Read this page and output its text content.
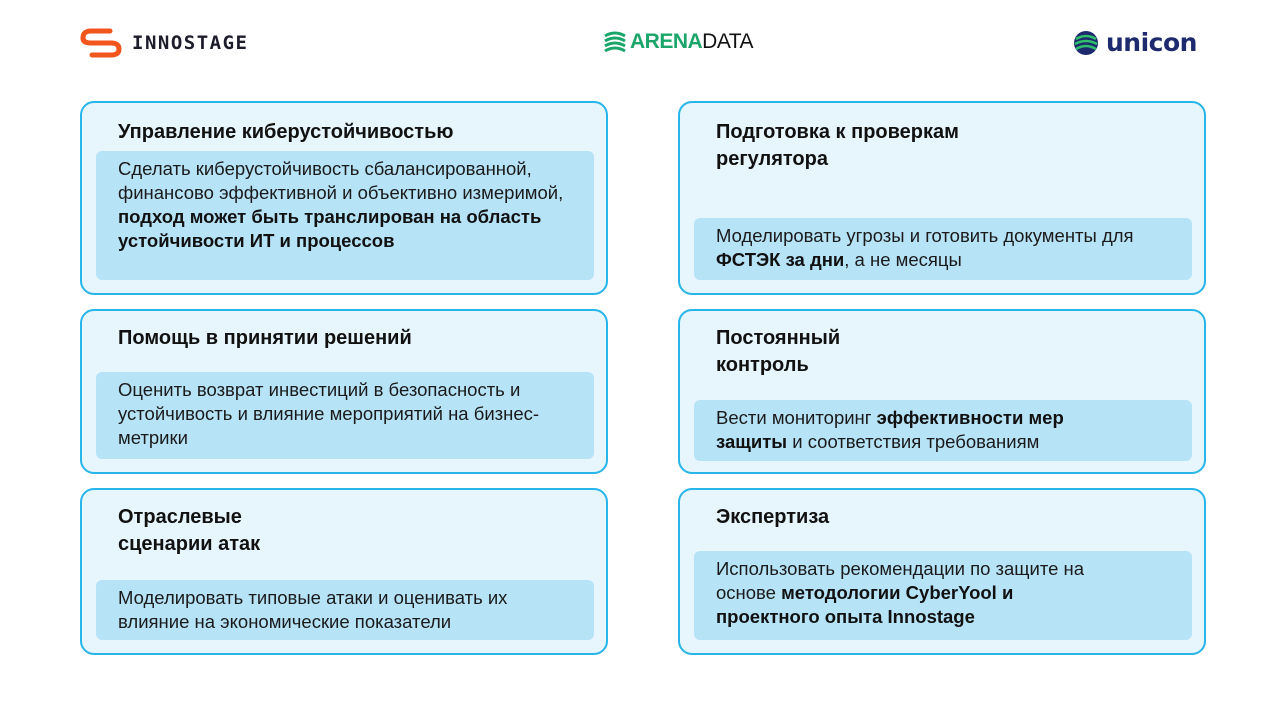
INNOSTAGE	ARENADATA	unicon
Управление киберустойчивостью
Сделать киберустойчивость сбалансированной, финансово эффективной и объективно измеримой, подход может быть транслирован на область устойчивости ИТ и процессов
Подготовка к проверкам регулятора
Моделировать угрозы и готовить документы для ФСТЭК за дни, а не месяцы
Помощь в принятии решений
Оценить возврат инвестиций в безопасность и устойчивость и влияние мероприятий на бизнес-метрики
Постоянный контроль
Вести мониторинг эффективности мер защиты и соответствия требованиям
Отраслевые сценарии атак
Моделировать типовые атаки и оценивать их влияние на экономические показатели
Экспертиза
Использовать рекомендации по защите на основе методологии CyberYool и проектного опыта Innostage
